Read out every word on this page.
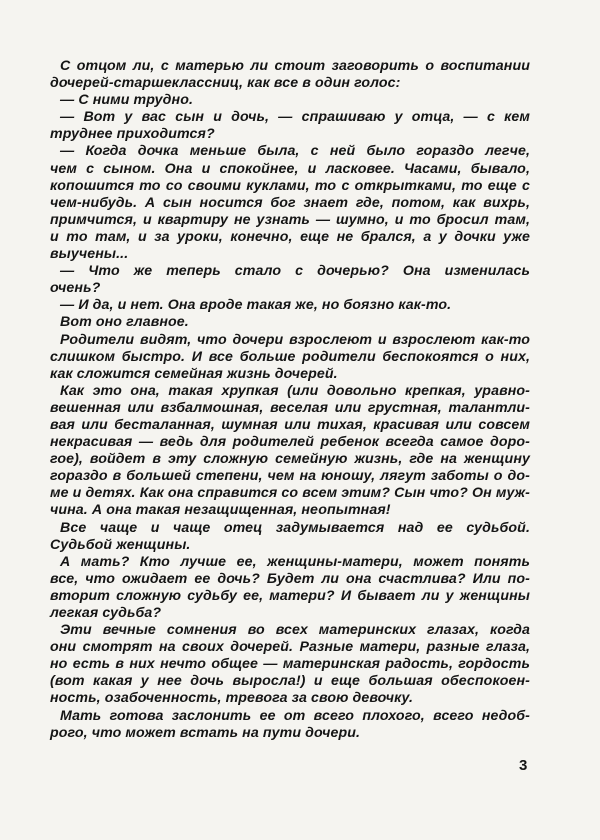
С отцом ли, с матерью ли стоит заговорить о воспитании
дочерей-старшеклассниц, как все в один голос:
— С ними трудно.
— Вот у вас сын и дочь, — спрашиваю у отца, — с кем
труднее приходится?
— Когда дочка меньше была, с ней было гораздо легче,
чем с сыном. Она и спокойнее, и ласковее. Часами, бывало,
копошится то со своими куклами, то с открытками, то еще с
чем-нибудь. А сын носится бог знает где, потом, как вихрь,
примчится, и квартиру не узнать — шумно, и то бросил там,
и то там, и за уроки, конечно, еще не брался, а у дочки уже
выучены...
— Что же теперь стало с дочерью? Она изменилась
очень?
— И да, и нет. Она вроде такая же, но боязно как-то.
Вот оно главное.
Родители видят, что дочери взрослеют и взрослеют как-то
слишком быстро. И все больше родители беспокоятся о них,
как сложится семейная жизнь дочерей.
Как это она, такая хрупкая (или довольно крепкая, уравно-
вешенная или взбалмошная, веселая или грустная, талантли-
вая или бесталанная, шумная или тихая, красивая или совсем
некрасивая — ведь для родителей ребенок всегда самое доро-
гое), войдет в эту сложную семейную жизнь, где на женщину
гораздо в большей степени, чем на юношу, лягут заботы о до-
ме и детях. Как она справится со всем этим? Сын что? Он муж-
чина. А она такая незащищенная, неопытная!
Все чаще и чаще отец задумывается над ее судьбой.
Судьбой женщины.
А мать? Кто лучше ее, женщины-матери, может понять
все, что ожидает ее дочь? Будет ли она счастлива? Или по-
вторит сложную судьбу ее, матери? И бывает ли у женщины
легкая судьба?
Эти вечные сомнения во всех материнских глазах, когда
они смотрят на своих дочерей. Разные матери, разные глаза,
но есть в них нечто общее — материнская радость, гордость
(вот какая у нее дочь выросла!) и еще большая обеспокоен-
ность, озабоченность, тревога за свою девочку.
Мать готова заслонить ее от всего плохого, всего недоб-
рого, что может встать на пути дочери.
3
